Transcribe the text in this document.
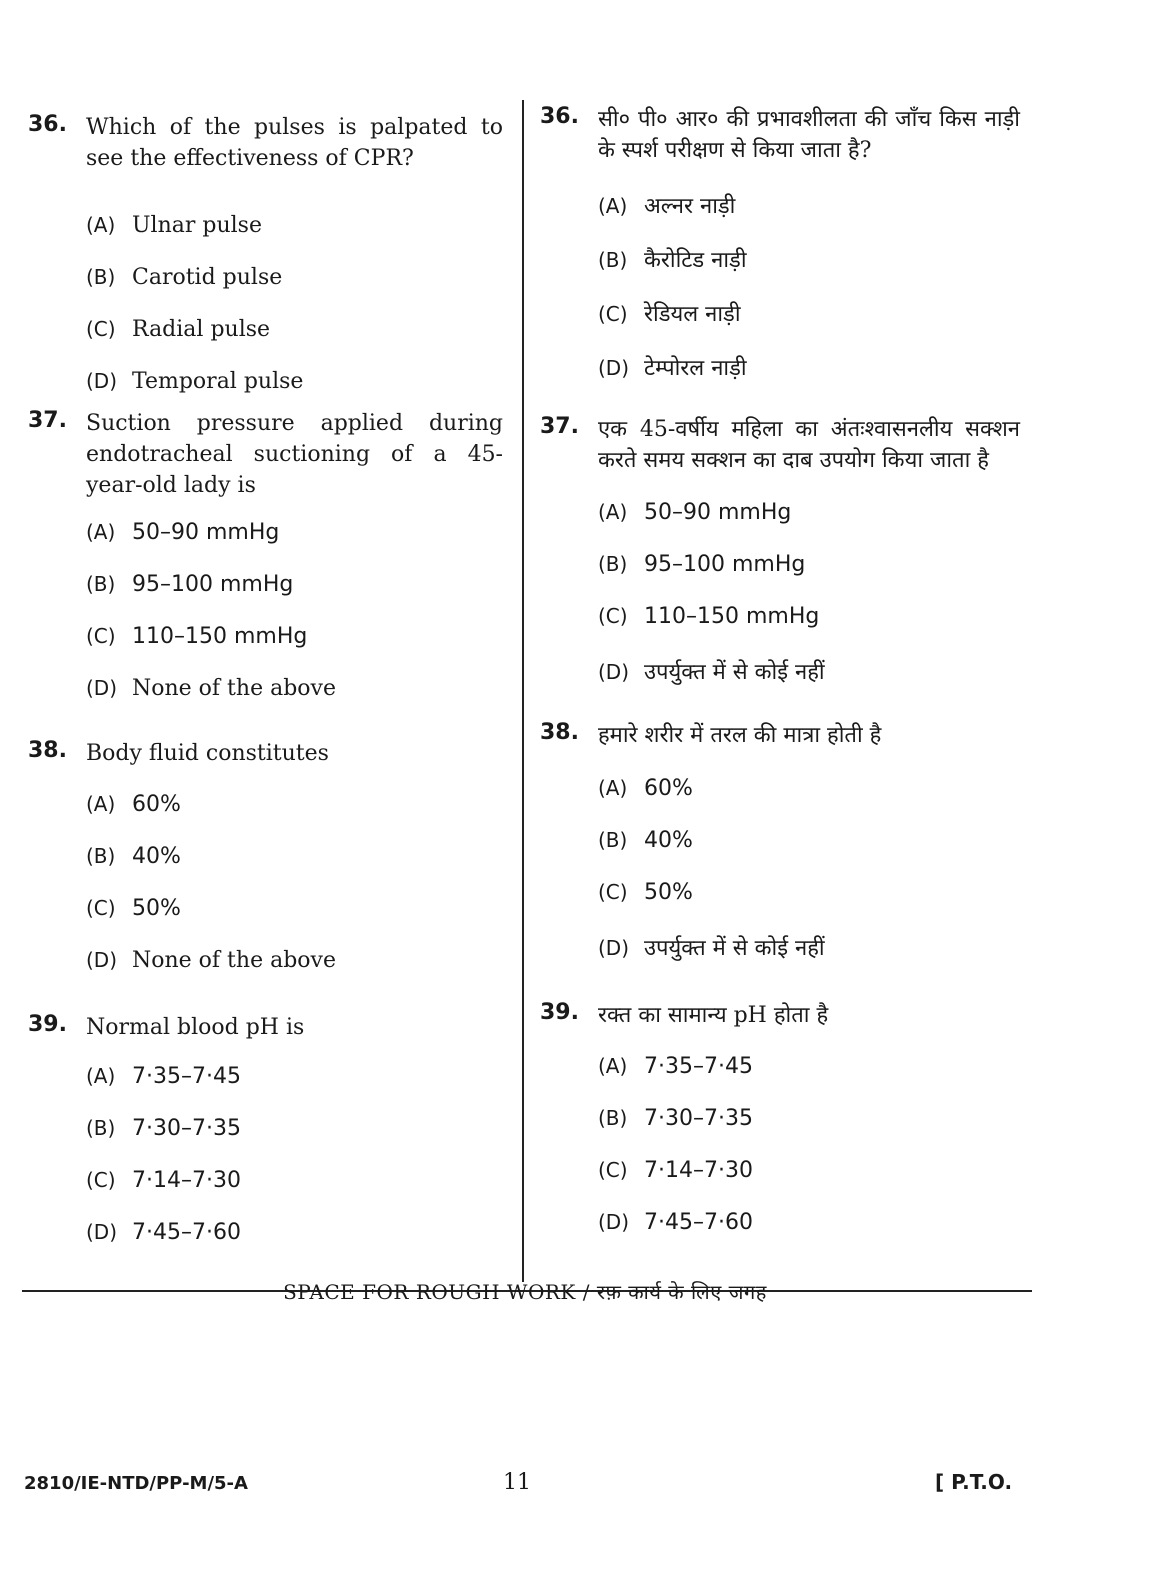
36. Which of the pulses is palpated to see the effectiveness of CPR?
(A) Ulnar pulse
(B) Carotid pulse
(C) Radial pulse
(D) Temporal pulse
37. Suction pressure applied during endotracheal suctioning of a 45-year-old lady is
(A) 50–90 mmHg
(B) 95–100 mmHg
(C) 110–150 mmHg
(D) None of the above
38. Body fluid constitutes
(A) 60%
(B) 40%
(C) 50%
(D) None of the above
39. Normal blood pH is
(A) 7·35–7·45
(B) 7·30–7·35
(C) 7·14–7·30
(D) 7·45–7·60
36. सी० पी० आर० की प्रभावशीलता की जाँच किस नाड़ी के स्पर्श परीक्षण से किया जाता है?
(A) अल्नर नाड़ी
(B) कैरोटिड नाड़ी
(C) रेडियल नाड़ी
(D) टेम्पोरल नाड़ी
37. एक 45-वर्षीय महिला का अंतःश्वासनलीय सक्शन करते समय सक्शन का दाब उपयोग किया जाता है
(A) 50–90 mmHg
(B) 95–100 mmHg
(C) 110–150 mmHg
(D) उपर्युक्त में से कोई नहीं
38. हमारे शरीर में तरल की मात्रा होती है
(A) 60%
(B) 40%
(C) 50%
(D) उपर्युक्त में से कोई नहीं
39. रक्त का सामान्य pH होता है
(A) 7·35–7·45
(B) 7·30–7·35
(C) 7·14–7·30
(D) 7·45–7·60
SPACE FOR ROUGH WORK / रफ़ कार्य के लिए जगह
2810/IE-NTD/PP-M/5-A	11	[ P.T.O.
